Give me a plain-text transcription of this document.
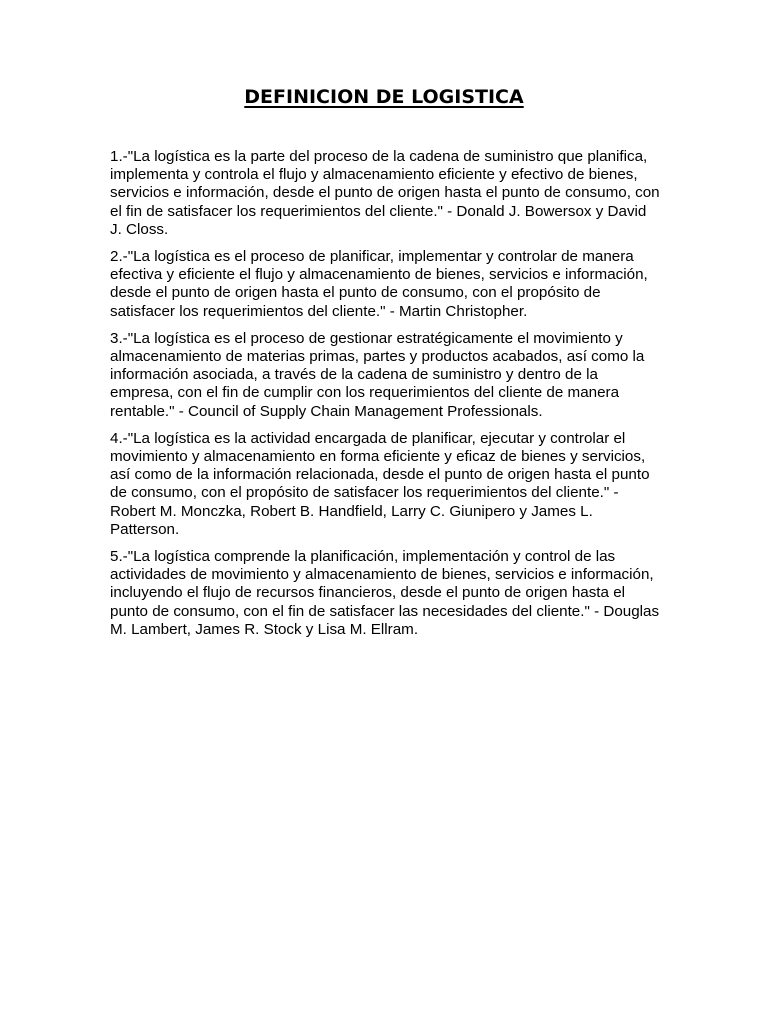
DEFINICION DE LOGISTICA

1.-"La logística es la parte del proceso de la cadena de suministro que planifica, implementa y controla el flujo y almacenamiento eficiente y efectivo de bienes, servicios e información, desde el punto de origen hasta el punto de consumo, con el fin de satisfacer los requerimientos del cliente." - Donald J. Bowersox y David J. Closs.

2.-"La logística es el proceso de planificar, implementar y controlar de manera efectiva y eficiente el flujo y almacenamiento de bienes, servicios e información, desde el punto de origen hasta el punto de consumo, con el propósito de satisfacer los requerimientos del cliente." - Martin Christopher.

3.-"La logística es el proceso de gestionar estratégicamente el movimiento y almacenamiento de materias primas, partes y productos acabados, así como la información asociada, a través de la cadena de suministro y dentro de la empresa, con el fin de cumplir con los requerimientos del cliente de manera rentable." - Council of Supply Chain Management Professionals.

4.-"La logística es la actividad encargada de planificar, ejecutar y controlar el movimiento y almacenamiento en forma eficiente y eficaz de bienes y servicios, así como de la información relacionada, desde el punto de origen hasta el punto de consumo, con el propósito de satisfacer los requerimientos del cliente." - Robert M. Monczka, Robert B. Handfield, Larry C. Giunipero y James L. Patterson.

5.-"La logística comprende la planificación, implementación y control de las actividades de movimiento y almacenamiento de bienes, servicios e información, incluyendo el flujo de recursos financieros, desde el punto de origen hasta el punto de consumo, con el fin de satisfacer las necesidades del cliente." - Douglas M. Lambert, James R. Stock y Lisa M. Ellram.
